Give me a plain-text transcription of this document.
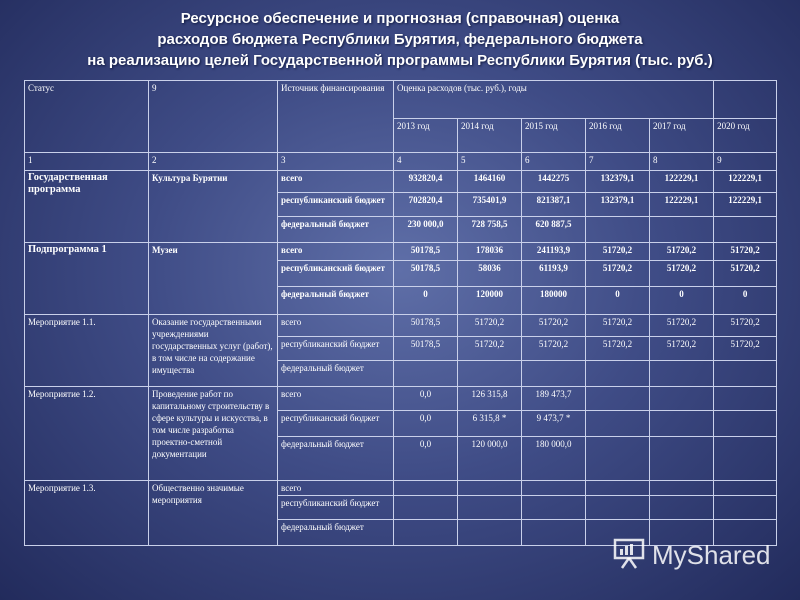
Ресурсное обеспечение и прогнозная (справочная) оценка
расходов бюджета Республики Бурятия, федерального бюджета
на реализацию целей Государственной программы Республики Бурятия (тыс. руб.)
Статус	9	Источник финансирования	Оценка расходов (тыс. руб.), годы					
			2013 год	2014 год	2015 год	2016 год	2017 год	2020 год
1	2	3	4	5	6	7	8	9
Государственная программа	Культура Бурятии	всего	932820,4	1464160	1442275	132379,1	122229,1	122229,1
		республиканский бюджет	702820,4	735401,9	821387,1	132379,1	122229,1	122229,1
		федеральный бюджет	230 000,0	728 758,5	620 887,5			
Подпрограмма 1	Музеи	всего	50178,5	178036	241193,9	51720,2	51720,2	51720,2
		республиканский бюджет	50178,5	58036	61193,9	51720,2	51720,2	51720,2
		федеральный бюджет	0	120000	180000	0	0	0
Мероприятие 1.1.	Оказание государственными учреждениями государственных услуг (работ), в том числе на содержание имущества	всего	50178,5	51720,2	51720,2	51720,2	51720,2	51720,2
		республиканский бюджет	50178,5	51720,2	51720,2	51720,2	51720,2	51720,2
		федеральный бюджет						
Мероприятие 1.2.	Проведение работ по капитальному строительству в сфере культуры и искусства, в том числе разработка проектно-сметной документации	всего	0,0	126 315,8	189 473,7			
		республиканский бюджет	0,0	6 315,8 *	9 473,7 *			
		федеральный бюджет	0,0	120 000,0	180 000,0			
Мероприятие 1.3.	Общественно значимые мероприятия	всего						
		республиканский бюджет						
		федеральный бюджет						
MyShared
